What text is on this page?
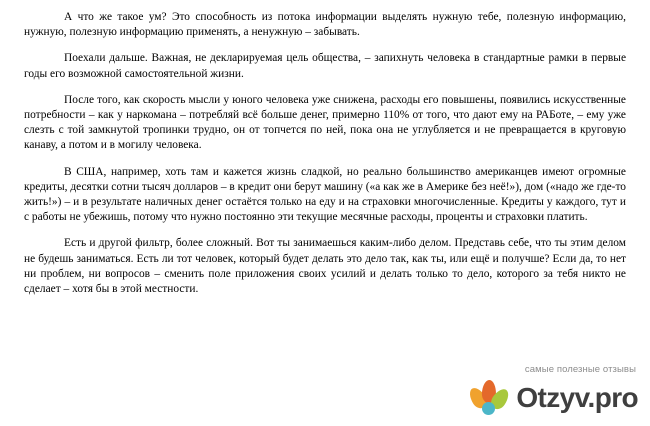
А что же такое ум? Это способность из потока информации выделять нужную тебе, полезную информацию, нужную, полезную информацию применять, а ненужную – забывать.

Поехали дальше. Важная, не декларируемая цель общества, – запихнуть человека в стандартные рамки в первые годы его возможной самостоятельной жизни.

После того, как скорость мысли у юного человека уже снижена, расходы его повышены, появились искусственные потребности – как у наркомана – потребляй всё больше денег, примерно 110% от того, что дают ему на РАБоте, – ему уже слезть с той замкнутой тропинки трудно, он от топчется по ней, пока она не углубляется и не превращается в круговую канаву, а потом и в могилу человека.

В США, например, хоть там и кажется жизнь сладкой, но реально большинство американцев имеют огромные кредиты, десятки сотни тысяч долларов – в кредит они берут машину («а как же в Америке без неё!»), дом («надо же где-то жить!») – и в результате наличных денег остаётся только на еду и на страховки многочисленные. Кредиты у каждого, тут и с работы не убежишь, потому что нужно постоянно эти текущие месячные расходы, проценты и страховки платить.

Есть и другой фильтр, более сложный. Вот ты занимаешься каким-либо делом. Представь себе, что ты этим делом не будешь заниматься. Есть ли тот человек, который будет делать это дело так, как ты, или ещё и получше? Если да, то нет ни проблем, ни вопросов – сменить поле приложения своих усилий и делать только то дело, которого за тебя никто не сделает – хотя бы в этой местности.

самые полезные отзывы
Otzyv.pro
